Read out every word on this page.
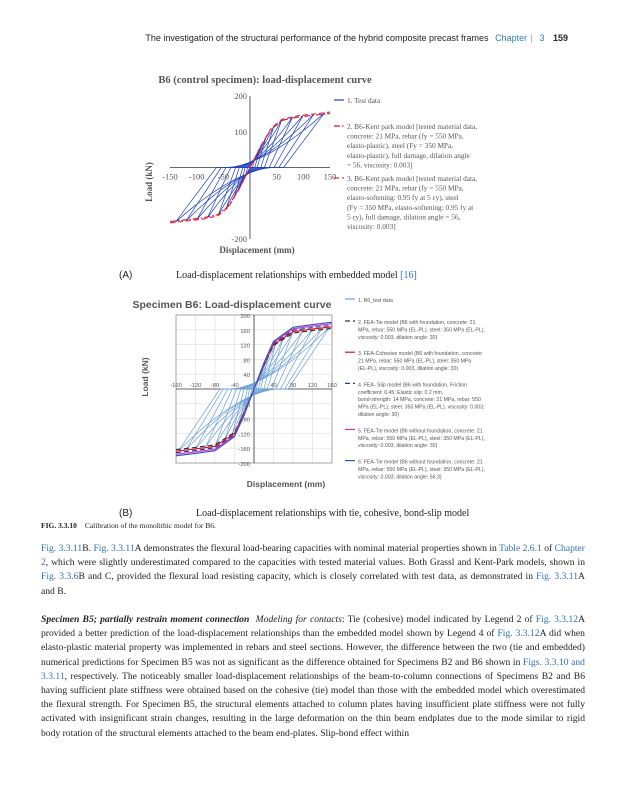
The investigation of the structural performance of the hybrid composite precast frames Chapter | 3 159
B6 (control specimen): load-displacement curve
-150 -100 -50	50 100 150
200
100
-200
Load (kN)
Displacement (mm)
1. Test data
2. B6-Kent park model [tested material data, concrete: 21 MPa, rebar (fy = 550 MPa, elasto-plastic), steel (Fy = 350 MPa, elasto-plastic), full damage, dilation angle = 56, viscosity: 0.003]
3. B6-Kent park model [tested material data, concrete: 21 MPa, rebar (fy = 550 MPa, elasto-softening: 0.95 fy at 5 εy), steel (Fy = 350 MPa, elasto-softening: 0.95 fy at 5 εy), full damage, dilation angle = 56, viscosity: 0.003]
(A)	Load-displacement relationships with embedded model [16]
Specimen B6: Load-displacement curve
-160 -120 -80 -40	40 80 120 160
200
160
120
80
40
-40
-80
-120
-160
-200
Load (kN)
Displacement (mm)
1. B6_test data
2. FEA-Tie model (B6 with foundation, concrete: 21 MPa, rebar: 550 MPa (EL-PL), steel: 350 MPa (EL-PL), viscosity: 0.003, dilation angle: 30)
3. FEA-Cohesive model (B6 with foundation, concrete: 21 MPa, rebar: 550 MPa (EL-PL), steel: 350 MPa (EL-PL), viscosity: 0.003, dilation angle: 30)
4. FEA- Slip model (B6 with foundation, Friction coefficient: 0.45; Elastic slip: 0.2 mm, bond-strength: 14 MPa, concrete: 21 MPa, rebar: 550 MPa (EL-PL), steel: 350 MPa (EL-PL), viscosity: 0.003, dilation angle: 30)
5. FEA-Tie model (B6 without foundation, concrete: 21 MPa, rebar: 550 MPa (EL-PL), steel: 350 MPa (EL-PL), viscosity: 0.003, dilation angle: 30)
6. FEA-Tie model (B6 without foundation, concrete: 21 MPa, rebar: 550 MPa (EL-PL), steel: 350 MPa (EL-PL), viscosity: 0.003, dilation angle: 56.3)
(B)	Load-displacement relationships with tie, cohesive, bond-slip model
FIG. 3.3.10 Calibration of the monolithic model for B6.
Fig. 3.3.11B. Fig. 3.3.11A demonstrates the flexural load-bearing capacities with nominal material properties shown in Table 2.6.1 of Chapter 2, which were slightly underestimated compared to the capacities with tested material values. Both Grassl and Kent-Park models, shown in Fig. 3.3.6B and C, provided the flexural load resisting capacity, which is closely correlated with test data, as demonstrated in Fig. 3.3.11A and B.
Specimen B5; partially restrain moment connection Modeling for contacts: Tie (cohesive) model indicated by Legend 2 of Fig. 3.3.12A provided a better prediction of the load-displacement relationships than the embedded model shown by Legend 4 of Fig. 3.3.12A did when elasto-plastic material property was implemented in rebars and steel sections. However, the difference between the two (tie and embedded) numerical predictions for Specimen B5 was not as significant as the difference obtained for Specimens B2 and B6 shown in Figs. 3.3.10 and 3.3.11, respectively. The noticeably smaller load-displacement relationships of the beam-to-column connections of Specimens B2 and B6 having sufficient plate stiffness were obtained based on the cohesive (tie) model than those with the embedded model which overestimated the flexural strength. For Specimen B5, the structural elements attached to column plates having insufficient plate stiffness were not fully activated with insignificant strain changes, resulting in the large deformation on the thin beam endplates due to the mode similar to rigid body rotation of the structural elements attached to the beam end-plates. Slip-bond effect within
